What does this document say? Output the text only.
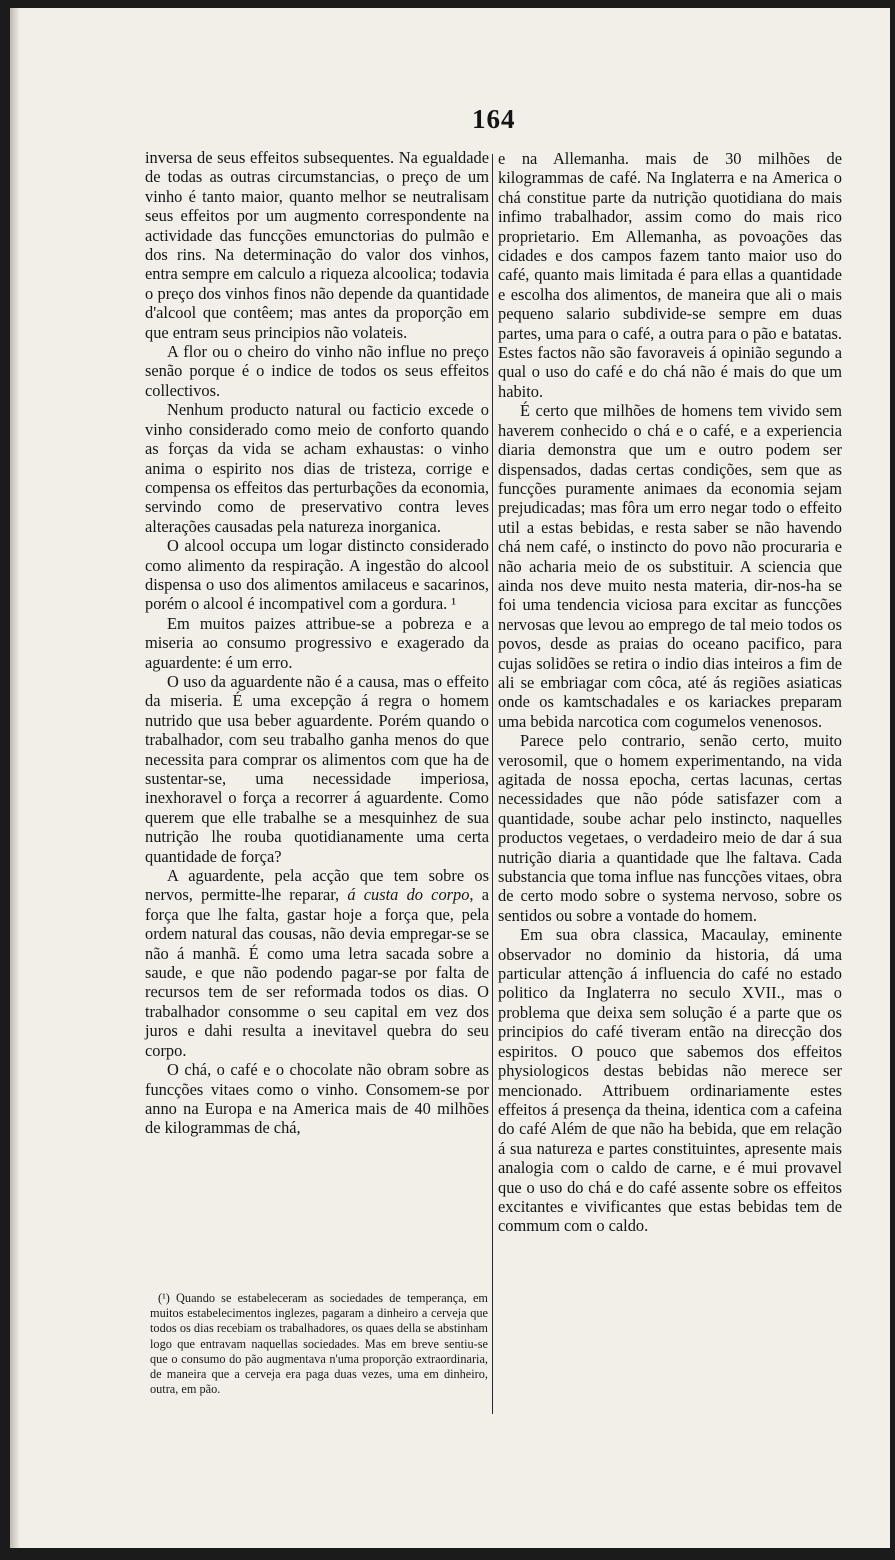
164

inversa de seus effeitos subsequentes. Na egualdade de todas as outras circumstancias, o preço de um vinho é tanto maior, quanto melhor se neutralisam seus effeitos por um augmento correspondente na actividade das funcções emunctorias do pulmão e dos rins. Na determinação do valor dos vinhos, entra sempre em calculo a riqueza alcoolica; todavia o preço dos vinhos finos não depende da quantidade d'alcool que contêem; mas antes da proporção em que entram seus principios não volateis.

A flor ou o cheiro do vinho não influe no preço senão porque é o indice de todos os seus effeitos collectivos.

Nenhum producto natural ou facticio excede o vinho considerado como meio de conforto quando as forças da vida se acham exhaustas: o vinho anima o espirito nos dias de tristeza, corrige e compensa os effeitos das perturbações da economia, servindo como de preservativo contra leves alterações causadas pela natureza inorganica.

O alcool occupa um logar distincto considerado como alimento da respiração. A ingestão do alcool dispensa o uso dos alimentos amilaceus e sacarinos, porém o alcool é incompativel com a gordura. ¹

Em muitos paizes attribue-se a pobreza e a miseria ao consumo progressivo e exagerado da aguardente: é um erro.

O uso da aguardente não é a causa, mas o effeito da miseria. É uma excepção á regra o homem nutrido que usa beber aguardente. Porém quando o trabalhador, com seu trabalho ganha menos do que necessita para comprar os alimentos com que ha de sustentar-se, uma necessidade imperiosa, inexhoravel o força a recorrer á aguardente. Como querem que elle trabalhe se a mesquinhez de sua nutrição lhe rouba quotidianamente uma certa quantidade de força?

A aguardente, pela acção que tem sobre os nervos, permitte-lhe reparar, á custa do corpo, a força que lhe falta, gastar hoje a força que, pela ordem natural das cousas, não devia empregar-se se não á manhã. É como uma letra sacada sobre a saude, e que não podendo pagar-se por falta de recursos tem de ser reformada todos os dias. O trabalhador consomme o seu capital em vez dos juros e dahi resulta a inevitavel quebra do seu corpo.

O chá, o café e o chocolate não obram sobre as funcções vitaes como o vinho. Consomem-se por anno na Europa e na America mais de 40 milhões de kilogrammas de chá,

(¹) Quando se estabeleceram as sociedades de temperança, em muitos estabelecimentos inglezes, pagaram a dinheiro a cerveja que todos os dias recebiam os trabalhadores, os quaes della se abstinham logo que entravam naquellas sociedades. Mas em breve sentiu-se que o consumo do pão augmentava n'uma proporção extraordinaria, de maneira que a cerveja era paga duas vezes, uma em dinheiro, outra, em pão.

e na Allemanha. mais de 30 milhões de kilogrammas de café. Na Inglaterra e na America o chá constitue parte da nutrição quotidiana do mais infimo trabalhador, assim como do mais rico proprietario. Em Allemanha, as povoações das cidades e dos campos fazem tanto maior uso do café, quanto mais limitada é para ellas a quantidade e escolha dos alimentos, de maneira que ali o mais pequeno salario subdivide-se sempre em duas partes, uma para o café, a outra para o pão e batatas. Estes factos não são favoraveis á opinião segundo a qual o uso do café e do chá não é mais do que um habito.

É certo que milhões de homens tem vivido sem haverem conhecido o chá e o café, e a experiencia diaria demonstra que um e outro podem ser dispensados, dadas certas condições, sem que as funcções puramente animaes da economia sejam prejudicadas; mas fôra um erro negar todo o effeito util a estas bebidas, e resta saber se não havendo chá nem café, o instincto do povo não procuraria e não acharia meio de os substituir. A sciencia que ainda nos deve muito nesta materia, dir-nos-ha se foi uma tendencia viciosa para excitar as funcções nervosas que levou ao emprego de tal meio todos os povos, desde as praias do oceano pacifico, para cujas solidões se retira o indio dias inteiros a fim de ali se embriagar com côca, até ás regiões asiaticas onde os kamtschadales e os kariackes preparam uma bebida narcotica com cogumelos venenosos.

Parece pelo contrario, senão certo, muito verosomil, que o homem experimentando, na vida agitada de nossa epocha, certas lacunas, certas necessidades que não póde satisfazer com a quantidade, soube achar pelo instincto, naquelles productos vegetaes, o verdadeiro meio de dar á sua nutrição diaria a quantidade que lhe faltava. Cada substancia que toma influe nas funcções vitaes, obra de certo modo sobre o systema nervoso, sobre os sentidos ou sobre a vontade do homem.

Em sua obra classica, Macaulay, eminente observador no dominio da historia, dá uma particular attenção á influencia do café no estado politico da Inglaterra no seculo XVII., mas o problema que deixa sem solução é a parte que os principios do café tiveram então na direcção dos espiritos. O pouco que sabemos dos effeitos physiologicos destas bebidas não merece ser mencionado. Attribuem ordinariamente estes effeitos á presença da theina, identica com a cafeina do café Além de que não ha bebida, que em relação á sua natureza e partes constituintes, apresente mais analogia com o caldo de carne, e é mui provavel que o uso do chá e do café assente sobre os effeitos excitantes e vivificantes que estas bebidas tem de commum com o caldo.
